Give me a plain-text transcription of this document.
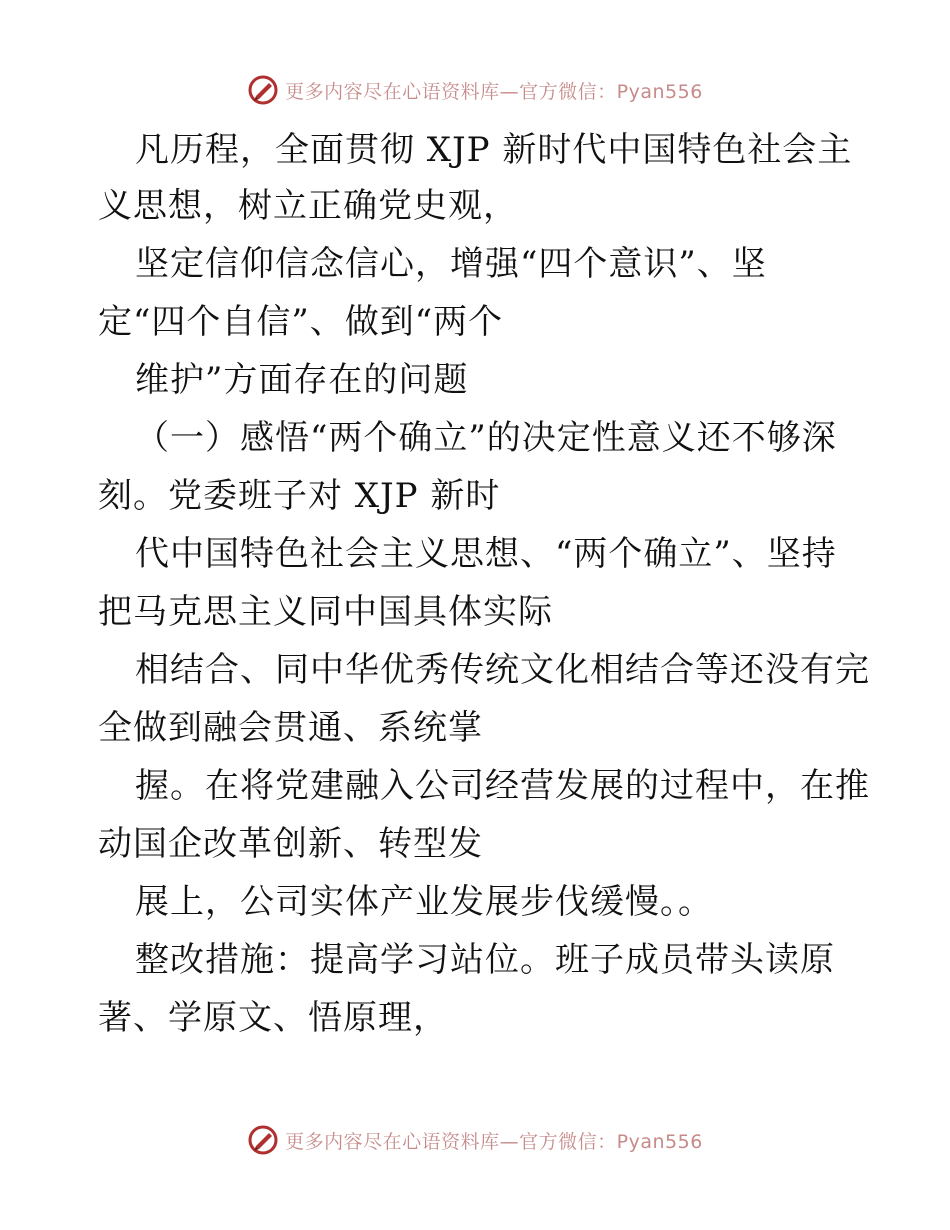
更多内容尽在心语资料库—官方微信：Pyan556
凡历程，全面贯彻 XJP 新时代中国特色社会主
义思想，树立正确党史观，
坚定信仰信念信心，增强“四个意识”、坚
定“四个自信”、做到“两个
维护”方面存在的问题
（一）感悟“两个确立”的决定性意义还不够深
刻。党委班子对 XJP 新时
代中国特色社会主义思想、“两个确立”、坚持
把马克思主义同中国具体实际
相结合、同中华优秀传统文化相结合等还没有完
全做到融会贯通、系统掌
握。在将党建融入公司经营发展的过程中，在推
动国企改革创新、转型发
展上，公司实体产业发展步伐缓慢。。
整改措施：提高学习站位。班子成员带头读原
著、学原文、悟原理，
更多内容尽在心语资料库—官方微信：Pyan556
